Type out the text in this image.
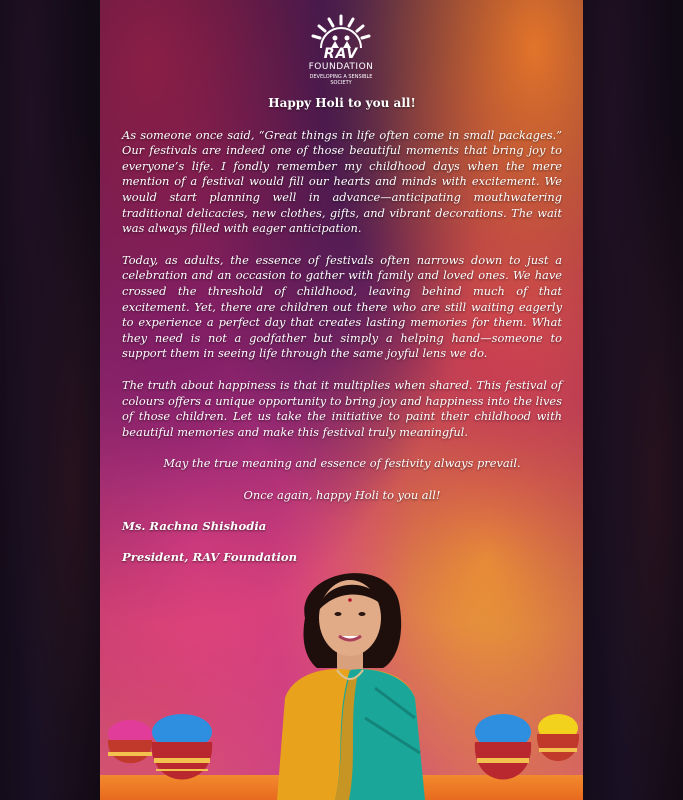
RAV
FOUNDATION
DEVELOPING A SENSIBLE SOCIETY

Happy Holi to you all!

As someone once said, “Great things in life often come in small packages.” Our festivals are indeed one of those beautiful moments that bring joy to everyone’s life. I fondly remember my childhood days when the mere mention of a festival would fill our hearts and minds with excitement. We would start planning well in advance—anticipating mouthwatering traditional delicacies, new clothes, gifts, and vibrant decorations. The wait was always filled with eager anticipation.

Today, as adults, the essence of festivals often narrows down to just a celebration and an occasion to gather with family and loved ones. We have crossed the threshold of childhood, leaving behind much of that excitement. Yet, there are children out there who are still waiting eagerly to experience a perfect day that creates lasting memories for them. What they need is not a godfather but simply a helping hand—someone to support them in seeing life through the same joyful lens we do.

The truth about happiness is that it multiplies when shared. This festival of colours offers a unique opportunity to bring joy and happiness into the lives of those children. Let us take the initiative to paint their childhood with beautiful memories and make this festival truly meaningful.

May the true meaning and essence of festivity always prevail.

Once again, happy Holi to you all!

Ms. Rachna Shishodia

President, RAV Foundation
